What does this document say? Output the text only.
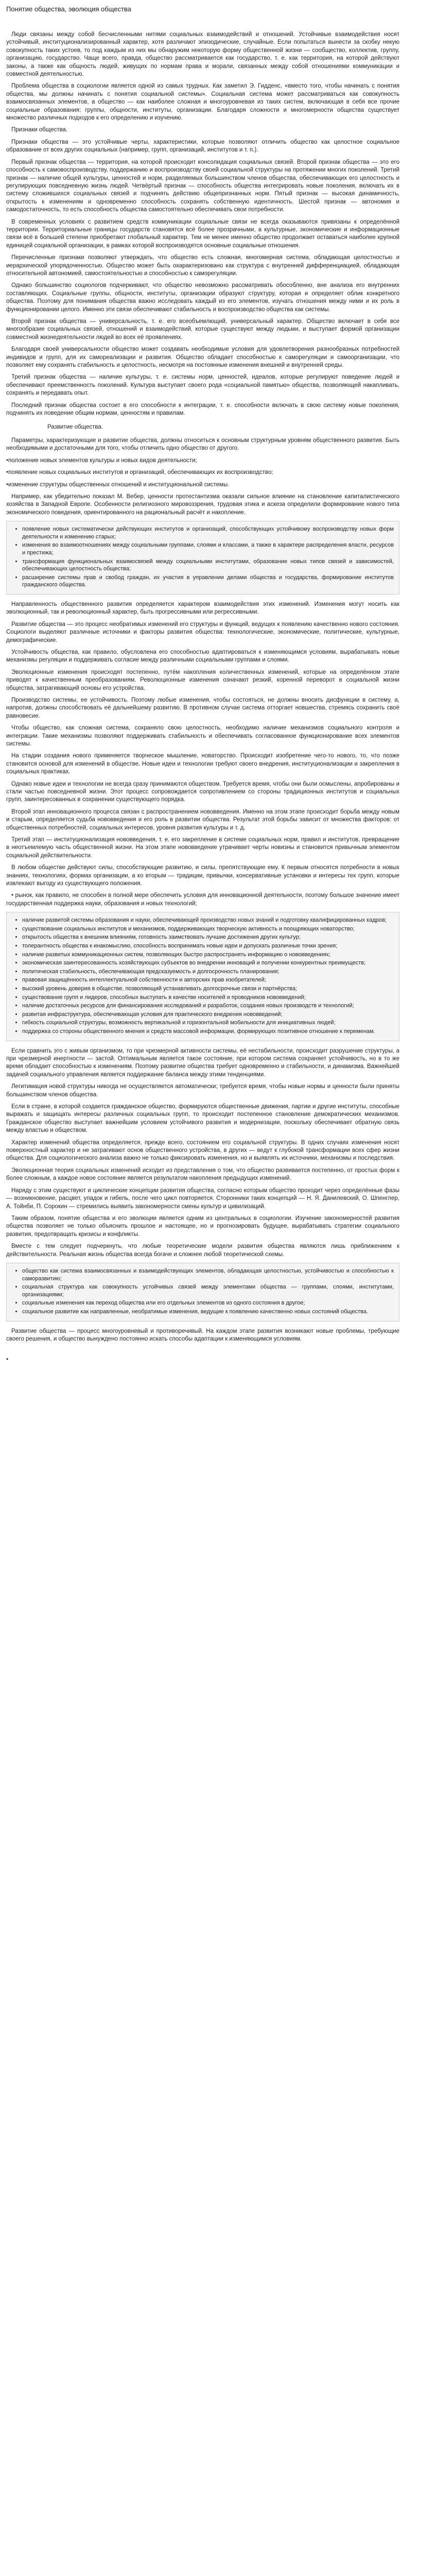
Понятие общества, эволюция общества

Люди связаны между собой бесчисленными нитями социальных взаимодействий и отношений. Устойчивые взаимодействия носят устойчивый, институционализированный характер, хотя различают эпизодические, случайные. Если попытаться вынести за скобку некую совокупность таких устоев, то под каждым из них мы обнаружим некоторую форму общественной жизни — сообщество, коллектив, группу, организацию, государство. Чаще всего, правда, общество рассматривается как государство, т. е. как территория, на которой действуют законы, а также как общность людей, живущих по нормам права и морали, связанных между собой отношениями коммуникации и совместной деятельностью.

Проблема общества в социологии является одной из самых трудных. Как заметил Э. Гидденс, «вместо того, чтобы начинать с понятия общества, мы должны начинать с понятия социальной системы». Социальная система может рассматриваться как совокупность взаимосвязанных элементов, а общество — как наиболее сложная и многоуровневая из таких систем, включающая в себя все прочие социальные образования: группы, общности, институты, организации. Благодаря сложности и многомерности общества существует множество различных подходов к его определению и изучению.

Признаки общества.

Признаки общества — это устойчивые черты, характеристики, которые позволяют отличить общество как целостное социальное образование от всех других социальных (например, групп, организаций, институтов и т. п.).

Первый признак общества — территория, на которой происходит консолидация социальных связей. Второй признак общества — это его способность к самовоспроизводству, поддержанию и воспроизводству своей социальной структуры на протяжении многих поколений. Третий признак — наличие общей культуры, ценностей и норм, разделяемых большинством членов общества, обеспечивающих его целостность и регулирующих повседневную жизнь людей. Четвёртый признак — способность общества интегрировать новые поколения, включать их в систему сложившихся социальных связей и подчинять действию общепризнанных норм. Пятый признак — высокая динамичность, открытость к изменениям и одновременно способность сохранять собственную идентичность. Шестой признак — автономия и самодостаточность, то есть способность общества самостоятельно обеспечивать свои потребности.

В современных условиях с развитием средств коммуникации социальные связи не всегда оказываются привязаны к определённой территории. Территориальные границы государств становятся всё более прозрачными, а культурные, экономические и информационные связи всё в большей степени приобретают глобальный характер. Тем не менее именно общество продолжает оставаться наиболее крупной единицей социальной организации, в рамках которой воспроизводятся основные социальные отношения.

Перечисленные признаки позволяют утверждать, что общество есть сложная, многомерная система, обладающая целостностью и иерархической упорядоченностью. Общество может быть охарактеризовано как структура с внутренней дифференциацией, обладающая относительной автономией, самостоятельностью и способностью к саморегуляции.

Однако большинство социологов подчеркивают, что общество невозможно рассматривать обособленно, вне анализа его внутренних составляющих. Социальные группы, общности, институты, организации образуют структуру, которая и определяет облик конкретного общества. Поэтому для понимания общества важно исследовать каждый из его элементов, изучать отношения между ними и их роль в функционировании целого. Именно эти связи обеспечивают стабильность и воспроизводство общества как системы.

Второй признак общества — универсальность, т. е. его всеобъемлющий, универсальный характер. Общество включает в себя все многообразие социальных связей, отношений и взаимодействий, которые существуют между людьми, и выступает формой организации совместной жизнедеятельности людей во всех её проявлениях.

Благодаря своей универсальности общество может создавать необходимые условия для удовлетворения разнообразных потребностей индивидов и групп, для их самореализации и развития. Общество обладает способностью к саморегуляции и самоорганизации, что позволяет ему сохранять стабильность и целостность, несмотря на постоянные изменения внешней и внутренней среды.

Третий признак общества — наличие культуры, т. е. системы норм, ценностей, идеалов, которые регулируют поведение людей и обеспечивают преемственность поколений. Культура выступает своего рода «социальной памятью» общества, позволяющей накапливать, сохранять и передавать опыт.

Последний признак общества состоит в его способности к интеграции, т. е. способности включать в свою систему новые поколения, подчинять их поведение общим нормам, ценностям и правилам.

Развитие общества.

Параметры, характеризующие и развитие общества, должны относиться к основным структурным уровням общественного развития. Быть необходимыми и достаточными для того, чтобы отличить одно общество от другого.

•положение новых элементов культуры и новых видов деятельности;

•появление новых социальных институтов и организаций, обеспечивающих их воспроизводство;

•изменение структуры общественных отношений и институциональной системы.

Например, как убедительно показал М. Вебер, ценности протестантизма оказали сильное влияние на становление капиталистического хозяйства в Западной Европе. Особенности религиозного мировоззрения, трудовая этика и аскеза определили формирование нового типа экономического поведения, ориентированного на рациональный расчёт и накопление.

• появление новых систематически действующих институтов и организаций, способствующих устойчивому воспроизводству новых форм деятельности и изменению старых;
• изменения во взаимоотношениях между социальными группами, слоями и классами, а также в характере распределения власти, ресурсов и престижа;
• трансформация функциональных взаимосвязей между социальными институтами, образование новых типов связей и зависимостей, обеспечивающих целостность общества;
• расширение системы прав и свобод граждан, их участия в управлении делами общества и государства, формирование институтов гражданского общества.

Направленность общественного развития определяется характером взаимодействия этих изменений. Изменения могут носить как эволюционный, так и революционный характер, быть прогрессивными или регрессивными.

Развитие общества — это процесс необратимых изменений его структуры и функций, ведущих к появлению качественно нового состояния. Социологи выделяют различные источники и факторы развития общества: технологические, экономические, политические, культурные, демографические.

Устойчивость общества, как правило, обусловлена его способностью адаптироваться к изменяющимся условиям, вырабатывать новые механизмы регуляции и поддерживать согласие между различными социальными группами и слоями.

Эволюционные изменения происходят постепенно, путём накопления количественных изменений, которые на определённом этапе приводят к качественным преобразованиям. Революционные изменения означают резкий, коренной переворот в социальной жизни общества, затрагивающий основы его устройства.

Производство системы, ее устойчивость. Поэтому любые изменения, чтобы состояться, не должны вносить дисфункции в систему, а, напротив, должны способствовать её дальнейшему развитию. В противном случае система отторгает новшества, стремясь сохранить своё равновесие.

Чтобы общество, как сложная система, сохраняло свою целостность, необходимо наличие механизмов социального контроля и интеграции. Такие механизмы позволяют поддерживать стабильность и обеспечивать согласованное функционирование всех элементов системы.

На стадии создания нового применяется творческое мышление, новаторство. Происходит изобретение чего-то нового, то, что позже становится основой для изменений в обществе. Новые идеи и технологии требуют своего внедрения, институционализации и закрепления в социальных практиках.

Однако новые идеи и технологии не всегда сразу принимаются обществом. Требуется время, чтобы они были осмыслены, апробированы и стали частью повседневной жизни. Этот процесс сопровождается сопротивлением со стороны традиционных институтов и социальных групп, заинтересованных в сохранении существующего порядка.

Второй этап инновационного процесса связан с распространением нововведения. Именно на этом этапе происходит борьба между новым и старым, определяется судьба нововведения и его роль в развитии общества. Результат этой борьбы зависит от множества факторов: от общественных потребностей, социальных интересов, уровня развития культуры и т. д.

Третий этап — институционализация нововведения, т. е. его закрепление в системе социальных норм, правил и институтов, превращение в неотъемлемую часть общественной жизни. На этом этапе нововведение утрачивает черты новизны и становится привычным элементом социальной действительности.

В любом обществе действуют силы, способствующие развитию, и силы, препятствующие ему. К первым относятся потребности в новых знаниях, технологиях, формах организации, а ко вторым — традиции, привычки, консервативные установки и интересы тех групп, которые извлекают выгоду из существующего положения.

• рынок, как правило, не способен в полной мере обеспечить условия для инновационной деятельности, поэтому большое значение имеет государственная поддержка науки, образования и новых технологий;

• наличие развитой системы образования и науки, обеспечивающей производство новых знаний и подготовку квалифицированных кадров;
• существование социальных институтов и механизмов, поддерживающих творческую активность и поощряющих новаторство;
• открытость общества к внешним влияниям, готовность заимствовать лучшие достижения других культур;
• толерантность общества к инакомыслию, способность воспринимать новые идеи и допускать различные точки зрения;
• наличие развитых коммуникационных систем, позволяющих быстро распространять информацию о нововведениях;
• экономическая заинтересованность хозяйствующих субъектов во внедрении инноваций и получении конкурентных преимуществ;
• политическая стабильность, обеспечивающая предсказуемость и долгосрочность планирования;
• правовая защищённость интеллектуальной собственности и авторских прав изобретателей;
• высокий уровень доверия в обществе, позволяющий устанавливать долгосрочные связи и партнёрства;
• существование групп и лидеров, способных выступать в качестве носителей и проводников нововведений;
• наличие достаточных ресурсов для финансирования исследований и разработок, создания новых производств и технологий;
• развитая инфраструктура, обеспечивающая условия для практического внедрения нововведений;
• гибкость социальной структуры, возможность вертикальной и горизонтальной мобильности для инициативных людей;
• поддержка со стороны общественного мнения и средств массовой информации, формирующих позитивное отношение к переменам.

Если сравнить это с живым организмом, то при чрезмерной активности системы, её нестабильности, происходит разрушение структуры, а при чрезмерной инертности — застой. Оптимальным является такое состояние, при котором система сохраняет устойчивость, но в то же время обладает способностью к изменениям. Поэтому развитие общества требует одновременно и стабильности, и динамизма. Важнейшей задачей социального управления является поддержание баланса между этими тенденциями.

Легитимация новой структуры никогда не осуществляется автоматически; требуется время, чтобы новые нормы и ценности были приняты большинством членов общества.

Если в стране, в которой создается гражданское общество, формируются общественные движения, партии и другие институты, способные выражать и защищать интересы различных социальных групп, то происходит постепенное становление демократических механизмов. Гражданское общество выступает важнейшим условием устойчивого развития и модернизации, поскольку обеспечивает обратную связь между властью и обществом.

Характер изменений общества определяется, прежде всего, состоянием его социальной структуры. В одних случаях изменения носят поверхностный характер и не затрагивают основ общественного устройства, в других — ведут к глубокой трансформации всех сфер жизни общества. Для социологического анализа важно не только фиксировать изменения, но и выявлять их источники, механизмы и последствия.

Эволюционная теория социальных изменений исходит из представления о том, что общество развивается постепенно, от простых форм к более сложным, а каждое новое состояние является результатом накопления предыдущих изменений.

Наряду с этим существуют и циклические концепции развития общества, согласно которым общество проходит через определённые фазы — возникновение, расцвет, упадок и гибель, после чего цикл повторяется. Сторонники таких концепций — Н. Я. Данилевский, О. Шпенглер, А. Тойнби, П. Сорокин — стремились выявить закономерности смены культур и цивилизаций.

Таким образом, понятие общества и его эволюции является одним из центральных в социологии. Изучение закономерностей развития общества позволяет не только объяснить прошлое и настоящее, но и прогнозировать будущее, вырабатывать стратегии социального развития, предотвращать кризисы и конфликты.

Вместе с тем следует подчеркнуть, что любые теоретические модели развития общества являются лишь приближением к действительности. Реальная жизнь общества всегда богаче и сложнее любой теоретической схемы.

• общество как система взаимосвязанных и взаимодействующих элементов, обладающая целостностью, устойчивостью и способностью к саморазвитию;
• социальная структура как совокупность устойчивых связей между элементами общества — группами, слоями, институтами, организациями;
• социальные изменения как переход общества или его отдельных элементов из одного состояния в другое;
• социальное развитие как направленные, необратимые изменения, ведущие к появлению качественно новых состояний общества.

Развитие общества — процесс многоуровневый и противоречивый. На каждом этапе развития возникают новые проблемы, требующие своего решения, и общество вынуждено постоянно искать способы адаптации к изменяющимся условиям.

•
